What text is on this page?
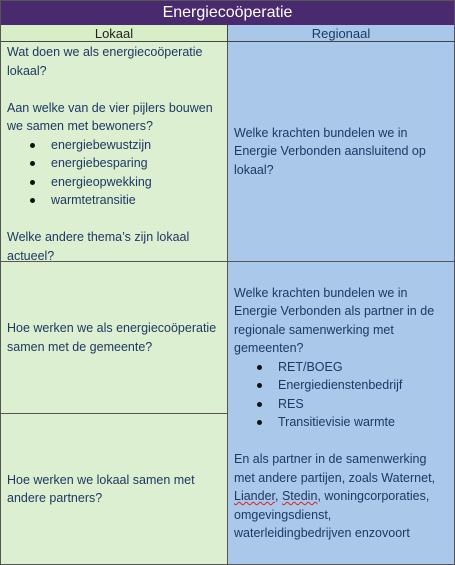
Energiecoöperatie
Lokaal	Regionaal

Wat doen we als energiecoöperatie lokaal?

Aan welke van de vier pijlers bouwen we samen met bewoners?

energiebewustzijn
energiebesparing
energieopwekking
warmtetransitie

Welke andere thema’s zijn lokaal actueel?

Welke krachten bundelen we in Energie Verbonden aansluitend op lokaal?

Hoe werken we als energiecoöperatie samen met de gemeente?

Hoe werken we lokaal samen met andere partners?

Welke krachten bundelen we in Energie Verbonden als partner in de regionale samenwerking met gemeenten?

RET/BOEG
Energiedienstenbedrijf
RES
Transitievisie warmte

En als partner in de samenwerking met andere partijen, zoals Waternet, Liander, Stedin, woningcorporaties, omgevingsdienst, waterleidingbedrijven enzovoort
